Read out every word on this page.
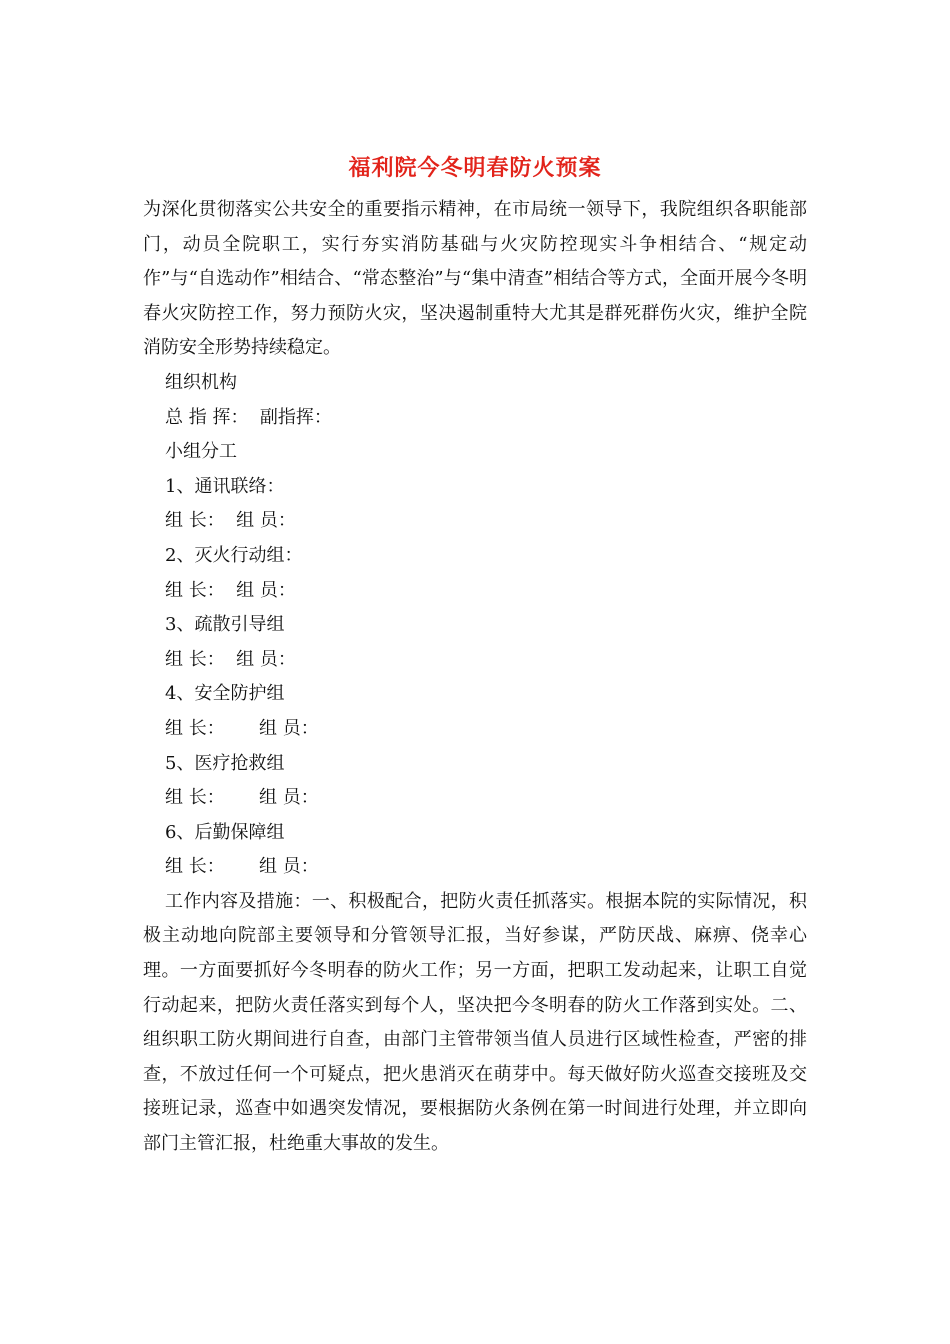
福利院今冬明春防火预案

为深化贯彻落实公共安全的重要指示精神，在市局统一领导下，我院组织各职能部门，动员全院职工，实行夯实消防基础与火灾防控现实斗争相结合、“规定动作”与“自选动作”相结合、“常态整治”与“集中清查”相结合等方式，全面开展今冬明春火灾防控工作，努力预防火灾，坚决遏制重特大尤其是群死群伤火灾，维护全院消防安全形势持续稳定。

组织机构

总 指 挥：  副指挥：

小组分工

1、通讯联络：

组 长：  组 员：

2、灭火行动组：

组 长：  组 员：

3、疏散引导组

组 长：  组 员：

4、安全防护组

组 长：      组 员：

5、医疗抢救组

组 长：      组 员：

6、后勤保障组

组 长：      组 员：

工作内容及措施：一、积极配合，把防火责任抓落实。根据本院的实际情况，积极主动地向院部主要领导和分管领导汇报，当好参谋，严防厌战、麻痹、侥幸心理。一方面要抓好今冬明春的防火工作；另一方面，把职工发动起来，让职工自觉行动起来，把防火责任落实到每个人，坚决把今冬明春的防火工作落到实处。二、组织职工防火期间进行自查，由部门主管带领当值人员进行区域性检查，严密的排查，不放过任何一个可疑点，把火患消灭在萌芽中。每天做好防火巡查交接班及交接班记录，巡查中如遇突发情况，要根据防火条例在第一时间进行处理，并立即向部门主管汇报，杜绝重大事故的发生。
